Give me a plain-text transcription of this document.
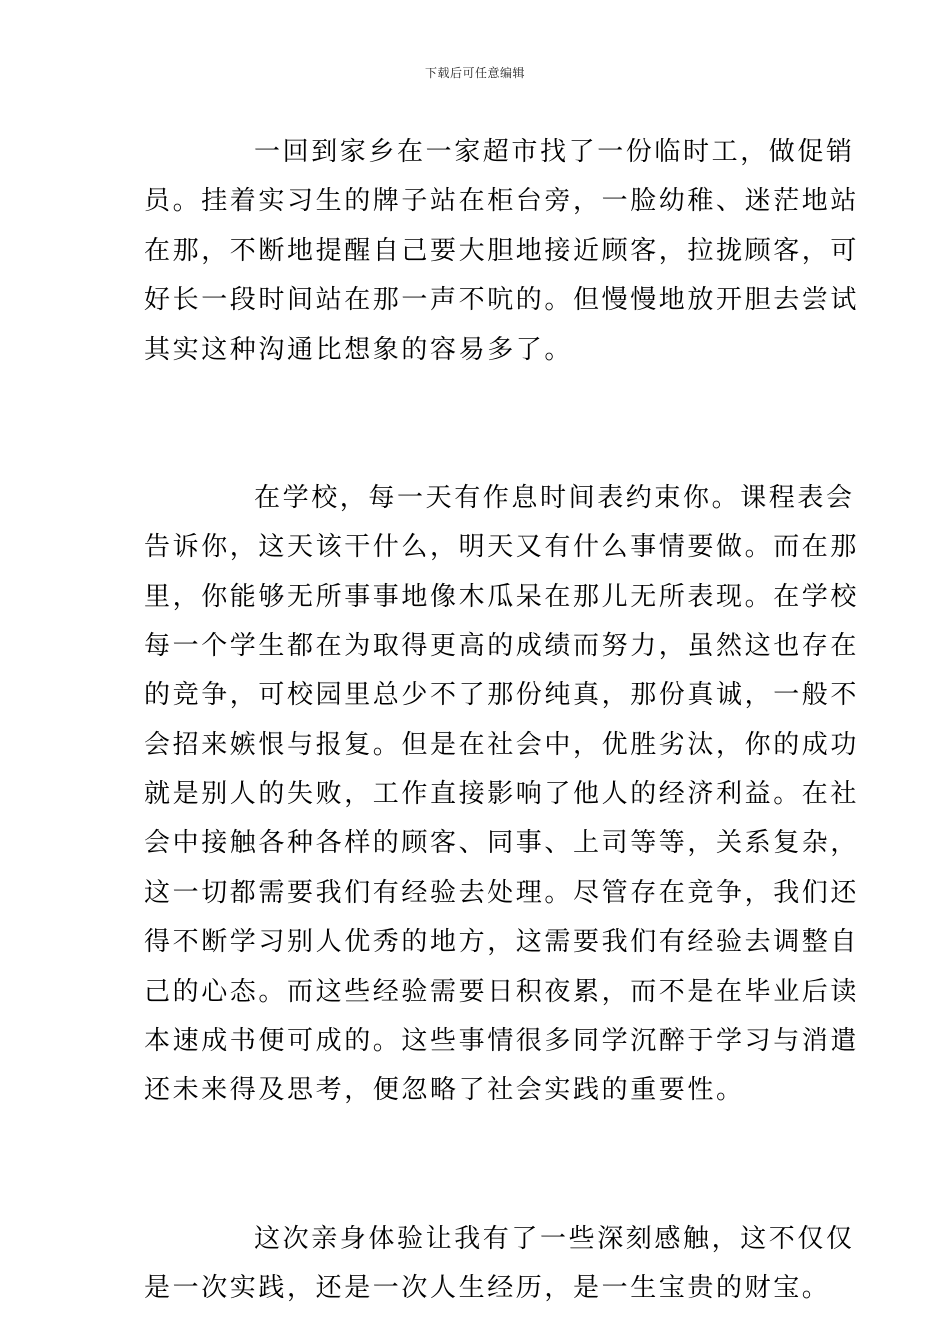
下载后可任意编辑

一回到家乡在一家超市找了一份临时工，做促销
员。挂着实习生的牌子站在柜台旁，一脸幼稚、迷茫地站
在那，不断地提醒自己要大胆地接近顾客，拉拢顾客，可
好长一段时间站在那一声不吭的。但慢慢地放开胆去尝试
其实这种沟通比想象的容易多了。

在学校，每一天有作息时间表约束你。课程表会
告诉你，这天该干什么，明天又有什么事情要做。而在那
里，你能够无所事事地像木瓜呆在那儿无所表现。在学校
每一个学生都在为取得更高的成绩而努力，虽然这也存在
的竞争，可校园里总少不了那份纯真，那份真诚，一般不
会招来嫉恨与报复。但是在社会中，优胜劣汰，你的成功
就是别人的失败，工作直接影响了他人的经济利益。在社
会中接触各种各样的顾客、同事、上司等等，关系复杂，
这一切都需要我们有经验去处理。尽管存在竞争，我们还
得不断学习别人优秀的地方，这需要我们有经验去调整自
己的心态。而这些经验需要日积夜累，而不是在毕业后读
本速成书便可成的。这些事情很多同学沉醉于学习与消遣
还未来得及思考，便忽略了社会实践的重要性。

这次亲身体验让我有了一些深刻感触，这不仅仅
是一次实践，还是一次人生经历，是一生宝贵的财宝。
